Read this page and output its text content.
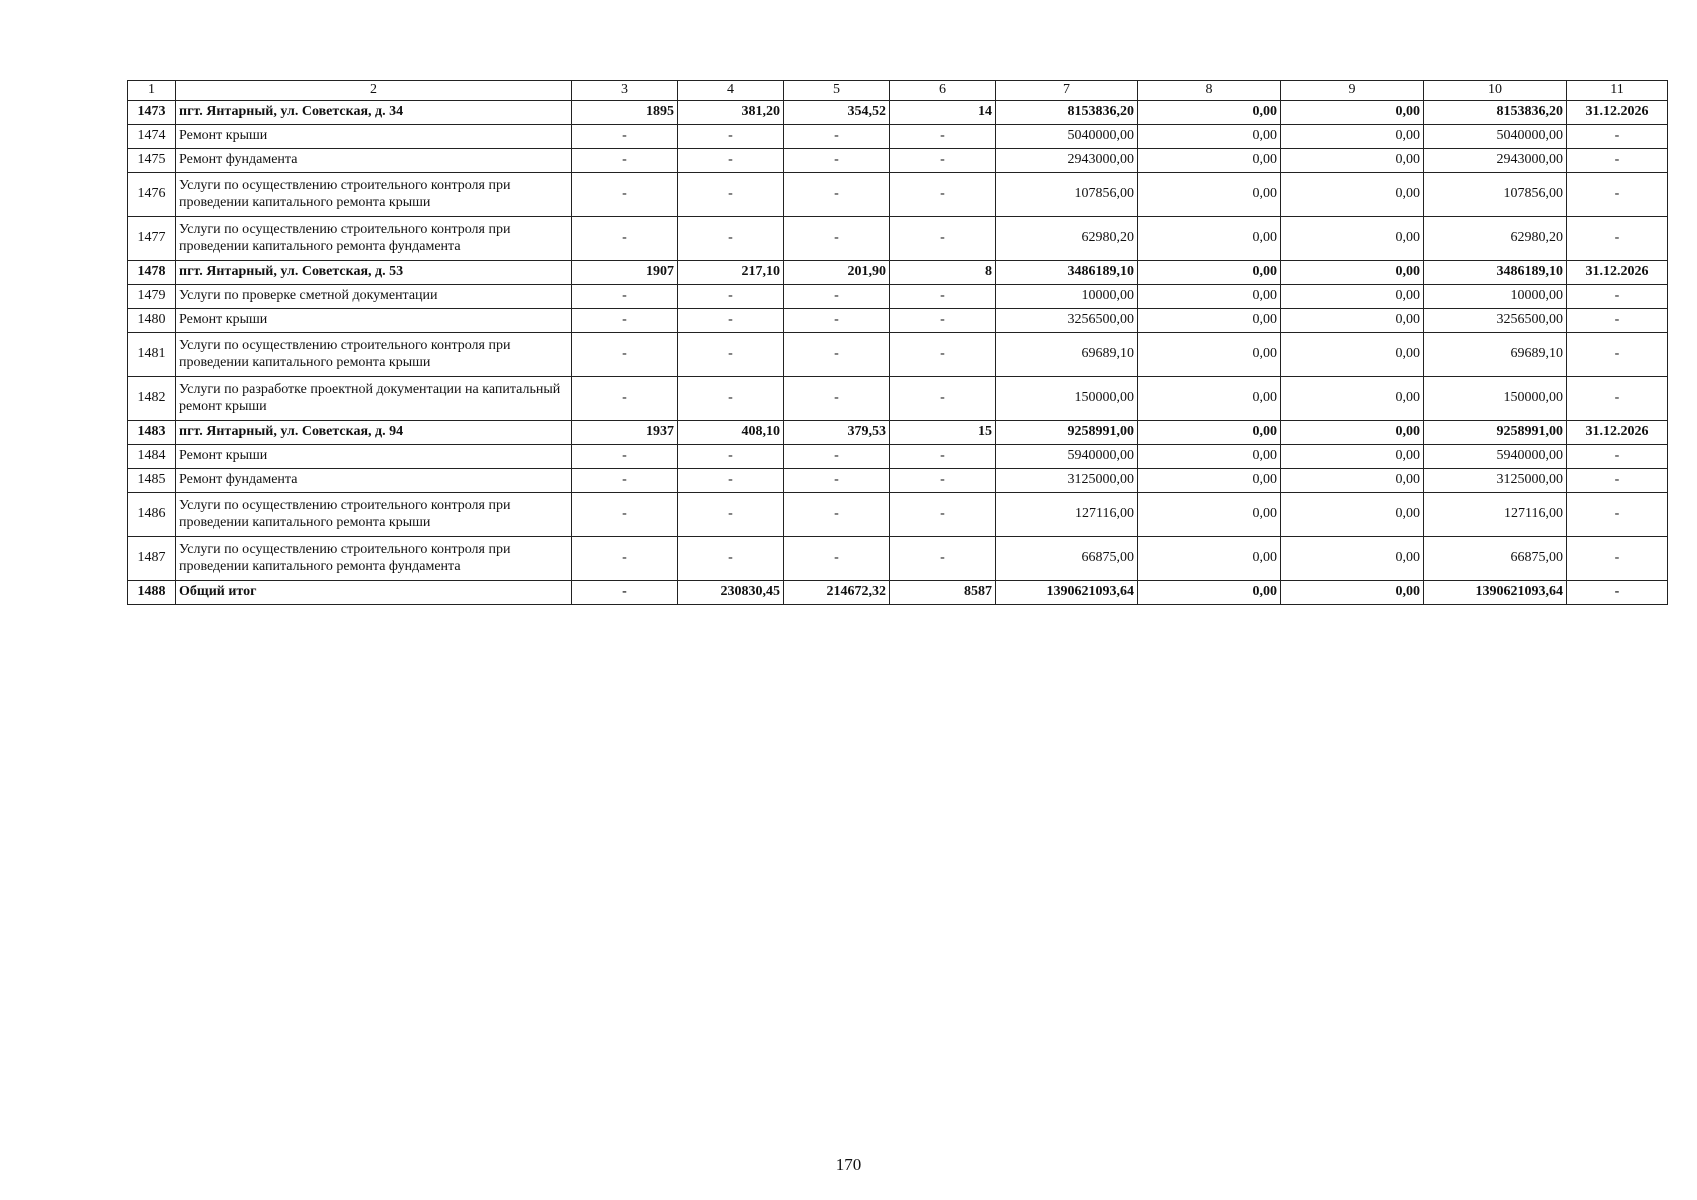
1	2	3	4	5	6	7	8	9	10	11
1473	пгт. Янтарный, ул. Советская, д. 34	1895	381,20	354,52	14	8153836,20	0,00	0,00	8153836,20	31.12.2026
1474	Ремонт крыши	-	-	-	-	5040000,00	0,00	0,00	5040000,00	-
1475	Ремонт фундамента	-	-	-	-	2943000,00	0,00	0,00	2943000,00	-
1476	Услуги по осуществлению строительного контроля при проведении капитального ремонта крыши	-	-	-	-	107856,00	0,00	0,00	107856,00	-
1477	Услуги по осуществлению строительного контроля при проведении капитального ремонта фундамента	-	-	-	-	62980,20	0,00	0,00	62980,20	-
1478	пгт. Янтарный, ул. Советская, д. 53	1907	217,10	201,90	8	3486189,10	0,00	0,00	3486189,10	31.12.2026
1479	Услуги по проверке сметной документации	-	-	-	-	10000,00	0,00	0,00	10000,00	-
1480	Ремонт крыши	-	-	-	-	3256500,00	0,00	0,00	3256500,00	-
1481	Услуги по осуществлению строительного контроля при проведении капитального ремонта крыши	-	-	-	-	69689,10	0,00	0,00	69689,10	-
1482	Услуги по разработке проектной документации на капитальный ремонт крыши	-	-	-	-	150000,00	0,00	0,00	150000,00	-
1483	пгт. Янтарный, ул. Советская, д. 94	1937	408,10	379,53	15	9258991,00	0,00	0,00	9258991,00	31.12.2026
1484	Ремонт крыши	-	-	-	-	5940000,00	0,00	0,00	5940000,00	-
1485	Ремонт фундамента	-	-	-	-	3125000,00	0,00	0,00	3125000,00	-
1486	Услуги по осуществлению строительного контроля при проведении капитального ремонта крыши	-	-	-	-	127116,00	0,00	0,00	127116,00	-
1487	Услуги по осуществлению строительного контроля при проведении капитального ремонта фундамента	-	-	-	-	66875,00	0,00	0,00	66875,00	-
1488	Общий итог	-	230830,45	214672,32	8587	1390621093,64	0,00	0,00	1390621093,64	-
170
